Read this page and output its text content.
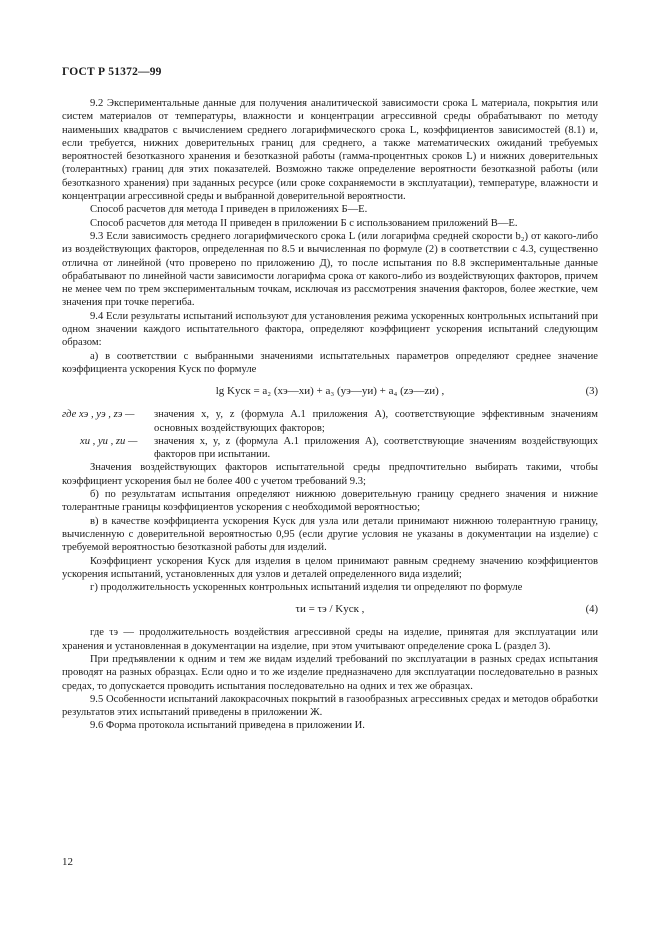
ГОСТ Р 51372—99

9.2 Экспериментальные данные для получения аналитической зависимости срока L материала, покрытия или систем материалов от температуры, влажности и концентрации агрессивной среды обрабатывают по методу наименьших квадратов с вычислением среднего логарифмического срока L, коэффициентов зависимостей (8.1) и, если требуется, нижних доверительных границ для среднего, а также математических ожиданий требуемых вероятностей безотказного хранения и безотказной работы (гамма-процентных сроков L) и нижних доверительных (толерантных) границ для этих показателей. Возможно также определение вероятности безотказной работы (или безотказного хранения) при заданных ресурсе (или сроке сохраняемости в эксплуатации), температуре, влажности и концентрации агрессивной среды и выбранной доверительной вероятности.

Способ расчетов для метода I приведен в приложениях Б—Е.

Способ расчетов для метода II приведен в приложении Б с использованием приложений В—Е.

9.3 Если зависимость среднего логарифмического срока L (или логарифма средней скорости b₂) от какого-либо из воздействующих факторов, определенная по 8.5 и вычисленная по формуле (2) в соответствии с 4.3, существенно отлична от линейной (что проверено по приложению Д), то после испытания по 8.8 экспериментальные данные обрабатывают по линейной части зависимости логарифма срока от какого-либо из воздействующих факторов, причем не менее чем по трем экспериментальным точкам, исключая из рассмотрения значения факторов, более жесткие, чем значения при точке перегиба.

9.4 Если результаты испытаний используют для установления режима ускоренных контрольных испытаний при одном значении каждого испытательного фактора, определяют коэффициент ускорения испытаний следующим образом:

а) в соответствии с выбранными значениями испытательных параметров определяют среднее значение коэффициента ускорения Kуск по формуле

lg Kуск = a₂ (xэ—xи) + a₃ (yэ—yи) + a₄ (zэ—zи) ,	(3)
где xэ , yэ , zэ —	значения x, y, z (формула А.1 приложения А), соответствующие эффективным значениям основных воздействующих факторов;
xи , yи , zи —	значения x, y, z (формула А.1 приложения А), соответствующие значениям воздействующих факторов при испытании.

Значения воздействующих факторов испытательной среды предпочтительно выбирать такими, чтобы коэффициент ускорения был не более 400 с учетом требований 9.3;

б) по результатам испытания определяют нижнюю доверительную границу среднего значения и нижние толерантные границы коэффициентов ускорения с необходимой вероятностью;

в) в качестве коэффициента ускорения Kуск для узла или детали принимают нижнюю толерантную границу, вычисленную с доверительной вероятностью 0,95 (если другие условия не указаны в документации на изделие) с требуемой вероятностью безотказной работы для изделий.

Коэффициент ускорения Kуск для изделия в целом принимают равным среднему значению коэффициентов ускорения испытаний, установленных для узлов и деталей определенного вида изделий;

г) продолжительность ускоренных контрольных испытаний изделия τи определяют по формуле

τи = τэ / Kуск ,	(4)

где τэ — продолжительность воздействия агрессивной среды на изделие, принятая для эксплуатации или хранения и установленная в документации на изделие, при этом учитывают определение срока L (раздел 3).

При предъявлении к одним и тем же видам изделий требований по эксплуатации в разных средах испытания проводят на разных образцах. Если одно и то же изделие предназначено для эксплуатации последовательно в разных средах, то допускается проводить испытания последовательно на одних и тех же образцах.

9.5 Особенности испытаний лакокрасочных покрытий в газообразных агрессивных средах и методов обработки результатов этих испытаний приведены в приложении Ж.

9.6 Форма протокола испытаний приведена в приложении И.

12
